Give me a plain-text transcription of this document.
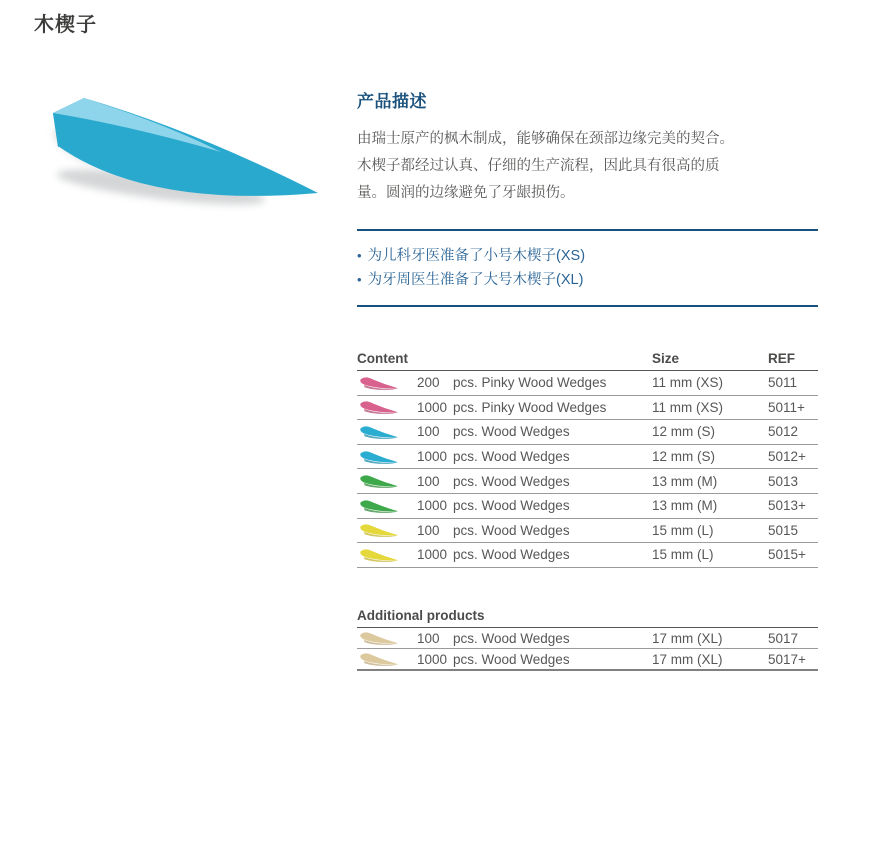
木楔子
产品描述
由瑞士原产的枫木制成，能够确保在颈部边缘完美的契合。
木楔子都经过认真、仔细的生产流程，因此具有很高的质
量。圆润的边缘避免了牙龈损伤。
• 为儿科牙医准备了小号木楔子(XS)
• 为牙周医生准备了大号木楔子(XL)
Content	Size	REF
200 pcs. Pinky Wood Wedges	11 mm (XS)	5011
1000 pcs. Pinky Wood Wedges	11 mm (XS)	5011+
100 pcs. Wood Wedges	12 mm (S)	5012
1000 pcs. Wood Wedges	12 mm (S)	5012+
100 pcs. Wood Wedges	13 mm (M)	5013
1000 pcs. Wood Wedges	13 mm (M)	5013+
100 pcs. Wood Wedges	15 mm (L)	5015
1000 pcs. Wood Wedges	15 mm (L)	5015+
Additional products
100 pcs. Wood Wedges	17 mm (XL)	5017
1000 pcs. Wood Wedges	17 mm (XL)	5017+
